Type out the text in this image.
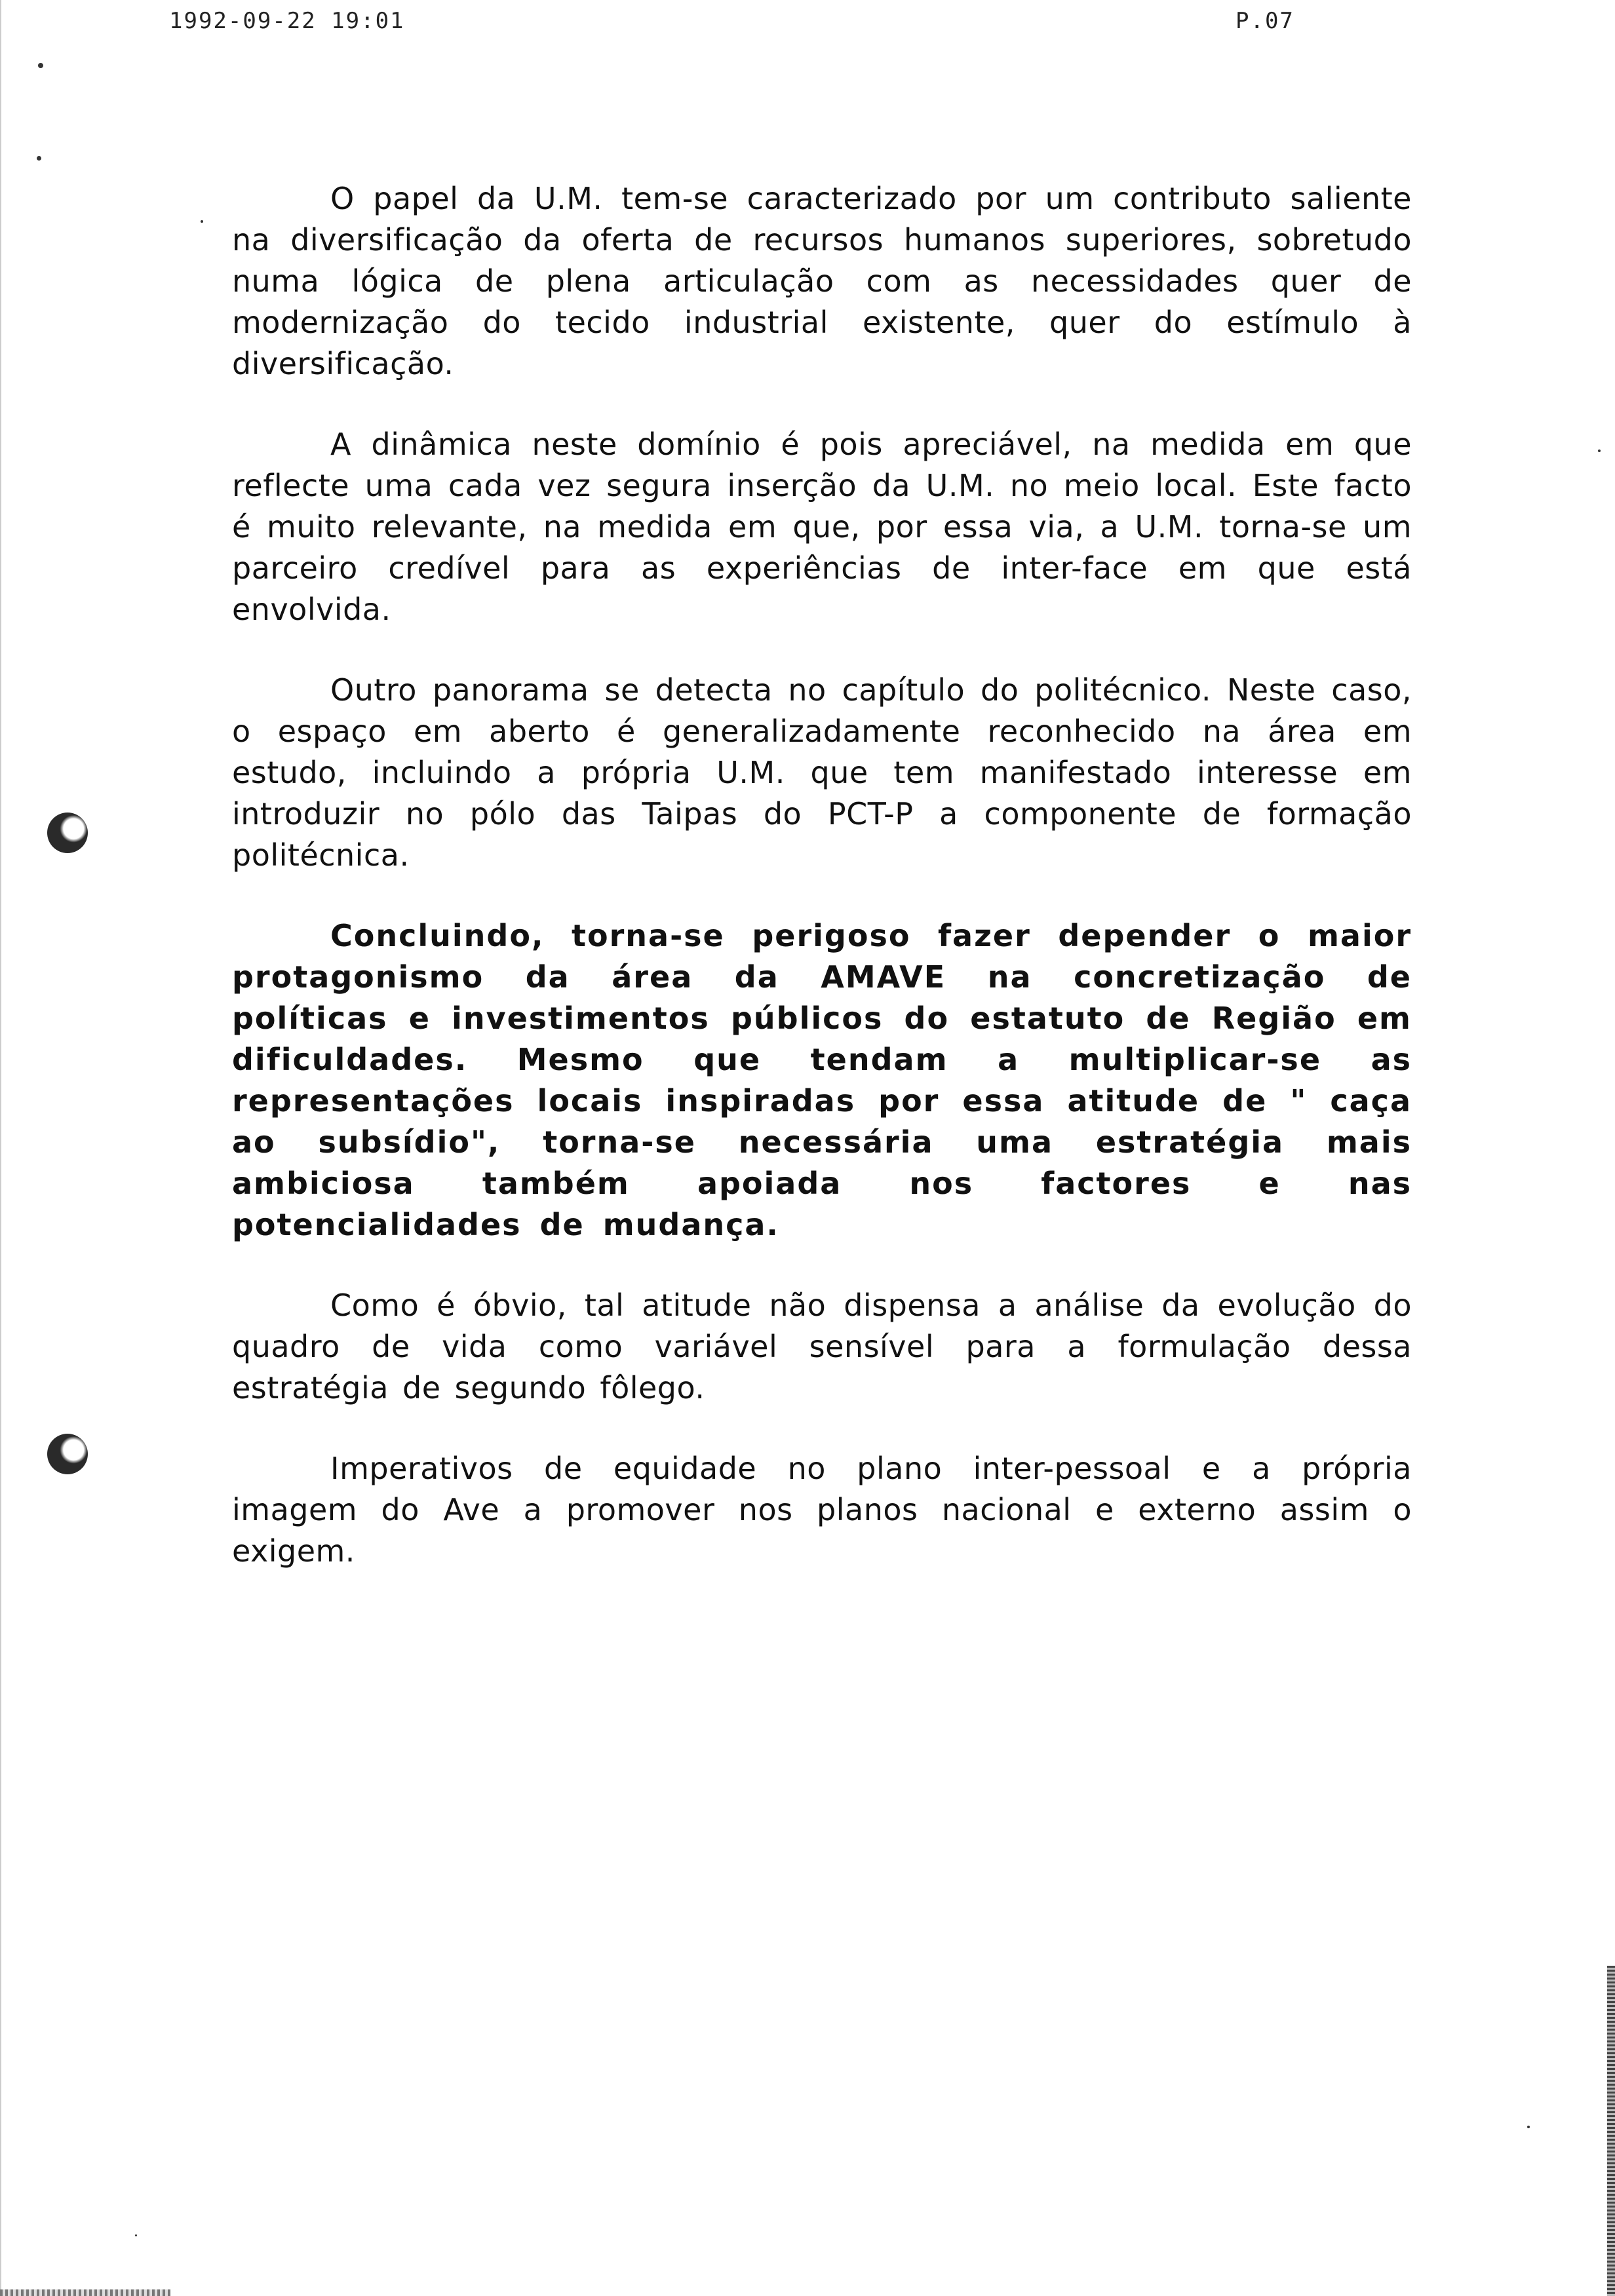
1992-09-22 19:01	P.07

O papel da U.M. tem-se caracterizado por um contributo saliente na diversificação da oferta de recursos humanos superiores, sobretudo numa lógica de plena articulação com as necessidades quer de modernização do tecido industrial existente, quer do estímulo à diversificação.

A dinâmica neste domínio é pois apreciável, na medida em que reflecte uma cada vez segura inserção da U.M. no meio local. Este facto é muito relevante, na medida em que, por essa via, a U.M. torna-se um parceiro credível para as experiências de inter-face em que está envolvida.

Outro panorama se detecta no capítulo do politécnico. Neste caso, o espaço em aberto é generalizadamente reconhecido na área em estudo, incluindo a própria U.M. que tem manifestado interesse em introduzir no pólo das Taipas do PCT-P a componente de formação politécnica.

Concluindo, torna-se perigoso fazer depender o maior protagonismo da área da AMAVE na concretização de políticas e investimentos públicos do estatuto de Região em dificuldades. Mesmo que tendam a multiplicar-se as representações locais inspiradas por essa atitude de " caça ao subsídio", torna-se necessária uma estratégia mais ambiciosa também apoiada nos factores e nas potencialidades de mudança.

Como é óbvio, tal atitude não dispensa a análise da evolução do quadro de vida como variável sensível para a formulação dessa estratégia de segundo fôlego.

Imperativos de equidade no plano inter-pessoal e a própria imagem do Ave a promover nos planos nacional e externo assim o exigem.
